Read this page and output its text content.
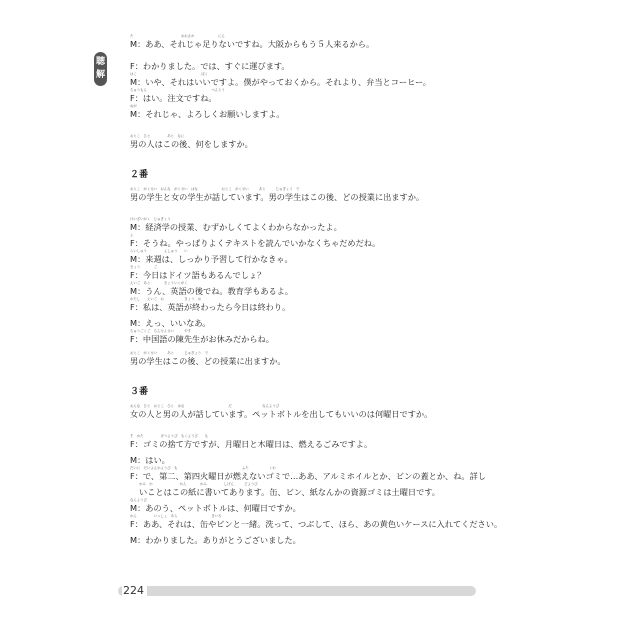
聴
解
た　　　　　　　　　　　　　　おおさか　　　　　　　にん
M：ああ、それじゃ足りないですね。大阪からもう５人来るから。
F：わかりました。では、すぐに運びます。
はこ　　　　　　　　　　　　　　　　　　　ぼく
M：いや、それはいいですよ。僕がやっておくから。それより、弁当とコーヒー。
ちゅうもん　　　　　　　　　　　　　　　　　　　べんとう
F：はい。注文ですね。
ねが
M：それじゃ、よろしくお願いしますよ。
おとこ　ひと　　　　　あと　なに
男の人はこの後、何をしますか。
２番
おとこ　がくせい　おんな　がくせい　はな　　　　　　　おとこ　がくせい　　　あと　　　じゅぎょう　で
男の学生と女の学生が話しています。男の学生はこの後、どの授業に出ますか。
けいざいがく　じゅぎょう
M：経済学の授業、むずかしくてよくわからなかったよ。
よ
F：そうね。やっぱりよくテキストを読んでいかなくちゃだめだね。
らいしゅう　　　　　よしゅう　　い
M：来週は、しっかり予習して行かなきゃ。
きょう　　　　ご
F：今日はドイツ語もあるんでしょ？
えいご　あと　　　　きょういくがく
M：うん、英語の後でね。教育学もあるよ。
わたし　　えいご　お　　　　　　きょう　お
F：私は、英語が終わったら今日は終わり。
M：えっ、いいなあ。
ちゅうごくご　ちんせんせい　　　やす
F：中国語の陳先生がお休みだからね。
おとこ　がくせい　　　あと　　　じゅぎょう　で
男の学生はこの後、どの授業に出ますか。
３番
おんな　ひと　おとこ　ひと　はな　　　　　　　　　　　　　だ　　　　　　　　　なんようび
女の人と男の人が話しています。ペットボトルを出してもいいのは何曜日ですか。
す　かた　　　　　げつようび　もくようび　　も
F：ゴミの捨て方ですが、月曜日と木曜日は、燃えるごみですよ。
M：はい。
だいに　だいよんかようび　も　　　　　　　　　　　　　　　　　　　ふた　　　　　　くわ
F：で、第二、第四火曜日が燃えないゴミで…ああ、アルミホイルとか、ビンの蓋とか、ね。詳し
かみ　か　　　　　　　　かん　　　　かみ　　　　　しげん　　　どようび
いことはこの紙に書いてあります。缶、ビン、紙なんかの資源ゴミは土曜日です。
なんようび
M：あのう、ペットボトルは、何曜日ですか。
かん　　　　　いっしょ　あら　　　　　　　　　　きいろ
F：ああ、それは、缶やビンと一緒。洗って、つぶして、ほら、あの黄色いケースに入れてください。
M：わかりました。ありがとうございました。
224
